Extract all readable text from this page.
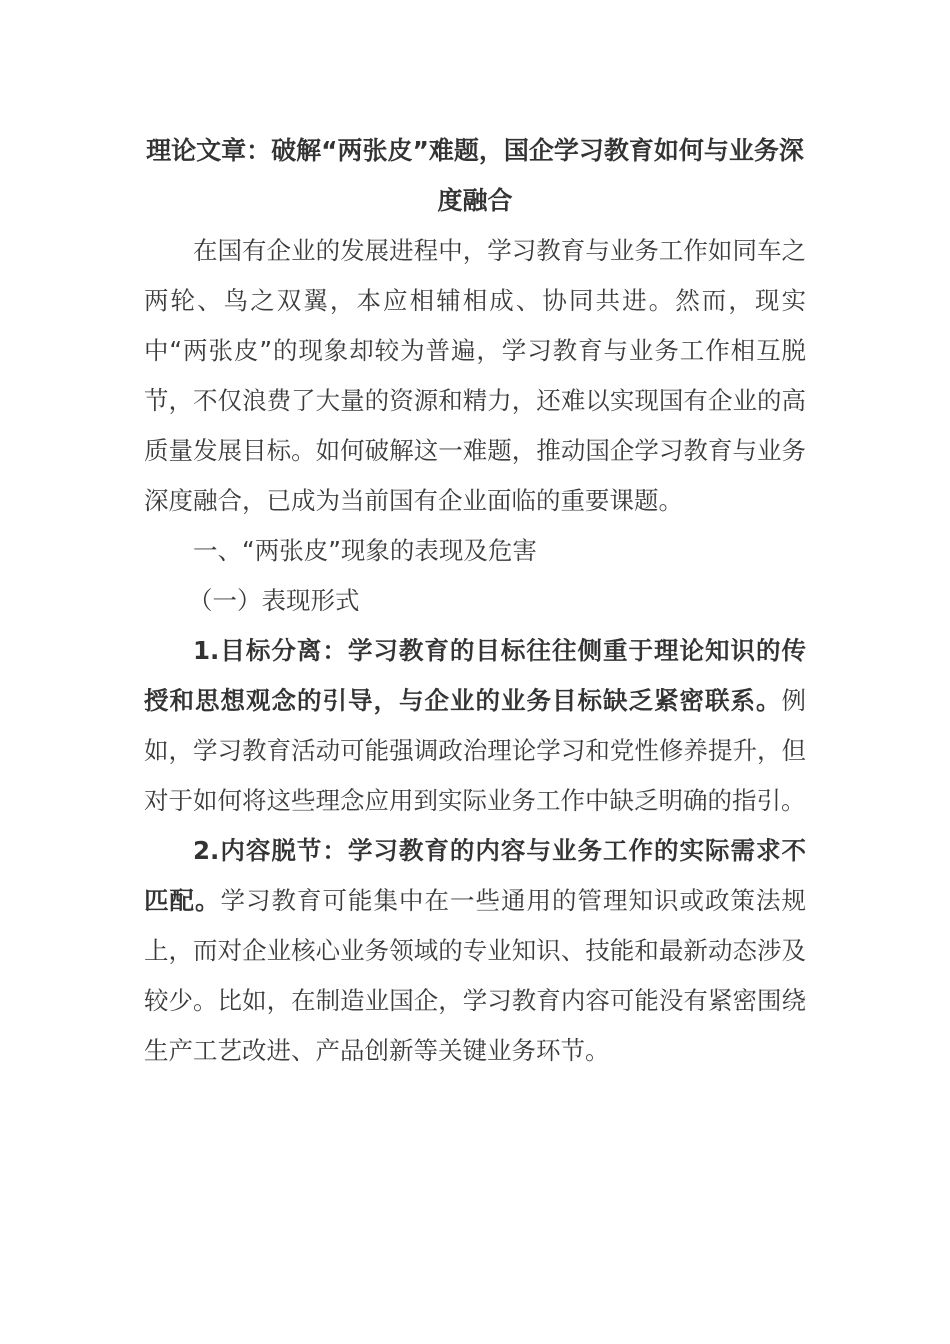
理论文章：破解“两张皮”难题，国企学习教育如何与业务深度融合

在国有企业的发展进程中，学习教育与业务工作如同车之两轮、鸟之双翼，本应相辅相成、协同共进。然而，现实中“两张皮”的现象却较为普遍，学习教育与业务工作相互脱节，不仅浪费了大量的资源和精力，还难以实现国有企业的高质量发展目标。如何破解这一难题，推动国企学习教育与业务深度融合，已成为当前国有企业面临的重要课题。

一、“两张皮”现象的表现及危害

（一）表现形式

1.目标分离：学习教育的目标往往侧重于理论知识的传授和思想观念的引导，与企业的业务目标缺乏紧密联系。例如，学习教育活动可能强调政治理论学习和党性修养提升，但对于如何将这些理念应用到实际业务工作中缺乏明确的指引。

2.内容脱节：学习教育的内容与业务工作的实际需求不匹配。学习教育可能集中在一些通用的管理知识或政策法规上，而对企业核心业务领域的专业知识、技能和最新动态涉及较少。比如，在制造业国企，学习教育内容可能没有紧密围绕生产工艺改进、产品创新等关键业务环节。
